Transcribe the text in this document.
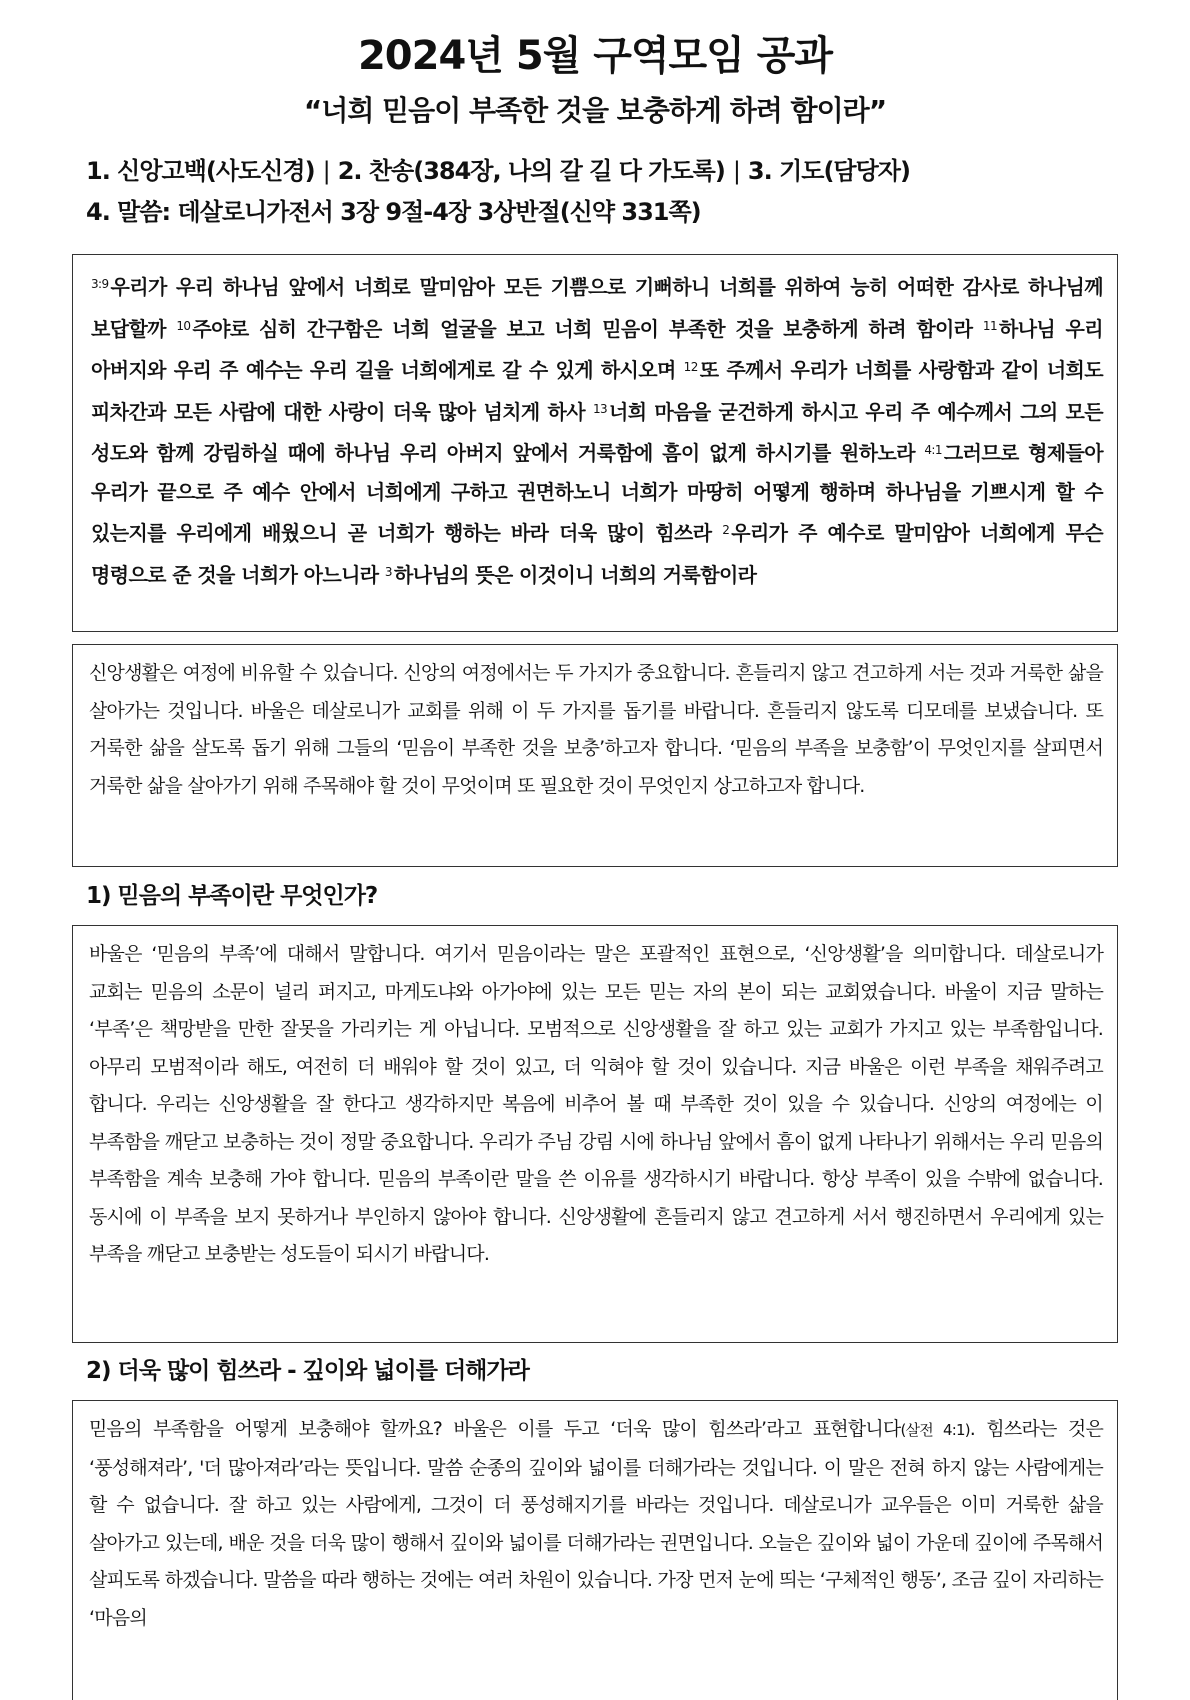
2024년 5월 구역모임 공과
“너희 믿음이 부족한 것을 보충하게 하려 함이라”
1. 신앙고백(사도신경) | 2. 찬송(384장, 나의 갈 길 다 가도록) | 3. 기도(담당자)
4. 말씀: 데살로니가전서 3장 9절-4장 3상반절(신약 331쪽)
$^{3:9}$ 우리가 우리 하나님 앞에서 너희로 말미암아 모든 기쁨으로 기뻐하니 너희를 위하여 능히 어떠한 감사로 하나님께 보답할까 $^{10}$ 주야로 심히 간구함은 너희 얼굴을 보고 너희 믿음이 부족한 것을 보충하게 하려 함이라 $^{11}$ 하나님 우리 아버지와 우리 주 예수는 우리 길을 너희에게로 갈 수 있게 하시오며 $^{12}$ 또 주께서 우리가 너희를 사랑함과 같이 너희도 피차간과 모든 사람에 대한 사랑이 더욱 많아 넘치게 하사 $^{13}$ 너희 마음을 굳건하게 하시고 우리 주 예수께서 그의 모든 성도와 함께 강림하실 때에 하나님 우리 아버지 앞에서 거룩함에 흠이 없게 하시기를 원하노라 $^{4:1}$ 그러므로 형제들아 우리가 끝으로 주 예수 안에서 너희에게 구하고 권면하노니 너희가 마땅히 어떻게 행하며 하나님을 기쁘시게 할 수 있는지를 우리에게 배웠으니 곧 너희가 행하는 바라 더욱 많이 힘쓰라 $^2$ 우리가 주 예수로 말미암아 너희에게 무슨 명령으로 준 것을 너희가 아느니라 $^3$ 하나님의 뜻은 이것이니 너희의 거룩함이라
신앙생활은 여정에 비유할 수 있습니다. 신앙의 여정에서는 두 가지가 중요합니다. 흔들리지 않고 견고하게 서는 것과 거룩한 삶을 살아가는 것입니다. 바울은 데살로니가 교회를 위해 이 두 가지를 돕기를 바랍니다. 흔들리지 않도록 디모데를 보냈습니다. 또 거룩한 삶을 살도록 돕기 위해 그들의 ‘믿음이 부족한 것을 보충’하고자 합니다. ‘믿음의 부족을 보충함’이 무엇인지를 살피면서 거룩한 삶을 살아가기 위해 주목해야 할 것이 무엇이며 또 필요한 것이 무엇인지 상고하고자 합니다.
1) 믿음의 부족이란 무엇인가?
바울은 ‘믿음의 부족’에 대해서 말합니다. 여기서 믿음이라는 말은 포괄적인 표현으로, ‘신앙생활’을 의미합니다. 데살로니가 교회는 믿음의 소문이 널리 퍼지고, 마게도냐와 아가야에 있는 모든 믿는 자의 본이 되는 교회였습니다. 바울이 지금 말하는 ‘부족’은 책망받을 만한 잘못을 가리키는 게 아닙니다. 모범적으로 신앙생활을 잘 하고 있는 교회가 가지고 있는 부족함입니다. 아무리 모범적이라 해도, 여전히 더 배워야 할 것이 있고, 더 익혀야 할 것이 있습니다. 지금 바울은 이런 부족을 채워주려고 합니다. 우리는 신앙생활을 잘 한다고 생각하지만 복음에 비추어 볼 때 부족한 것이 있을 수 있습니다. 신앙의 여정에는 이 부족함을 깨닫고 보충하는 것이 정말 중요합니다. 우리가 주님 강림 시에 하나님 앞에서 흠이 없게 나타나기 위해서는 우리 믿음의 부족함을 계속 보충해 가야 합니다. 믿음의 부족이란 말을 쓴 이유를 생각하시기 바랍니다. 항상 부족이 있을 수밖에 없습니다. 동시에 이 부족을 보지 못하거나 부인하지 않아야 합니다. 신앙생활에 흔들리지 않고 견고하게 서서 행진하면서 우리에게 있는 부족을 깨닫고 보충받는 성도들이 되시기 바랍니다.
2) 더욱 많이 힘쓰라 - 깊이와 넓이를 더해가라
믿음의 부족함을 어떻게 보충해야 할까요? 바울은 이를 두고 ‘더욱 많이 힘쓰라’라고 표현합니다(살전 4:1). 힘쓰라는 것은 ‘풍성해져라’, '더 많아져라’라는 뜻입니다. 말씀 순종의 깊이와 넓이를 더해가라는 것입니다. 이 말은 전혀 하지 않는 사람에게는 할 수 없습니다. 잘 하고 있는 사람에게, 그것이 더 풍성해지기를 바라는 것입니다. 데살로니가 교우들은 이미 거룩한 삶을 살아가고 있는데, 배운 것을 더욱 많이 행해서 깊이와 넓이를 더해가라는 권면입니다. 오늘은 깊이와 넓이 가운데 깊이에 주목해서 살피도록 하겠습니다. 말씀을 따라 행하는 것에는 여러 차원이 있습니다. 가장 먼저 눈에 띄는 ‘구체적인 행동’, 조금 깊이 자리하는 ‘마음의
